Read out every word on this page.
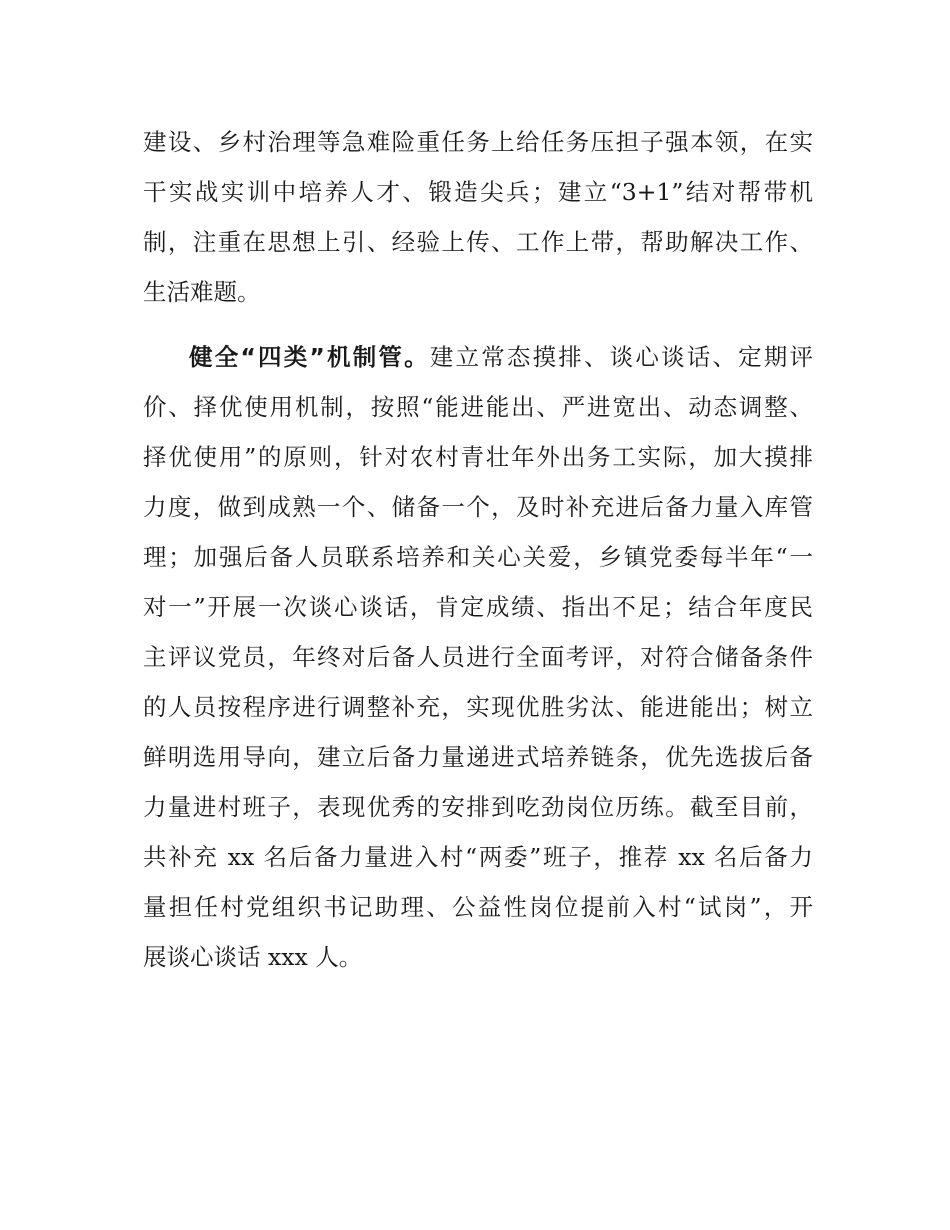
建设、乡村治理等急难险重任务上给任务压担子强本领，在实
干实战实训中培养人才、锻造尖兵；建立“3+1”结对帮带机
制，注重在思想上引、经验上传、工作上带，帮助解决工作、
生活难题。
健全“四类”机制管。建立常态摸排、谈心谈话、定期评
价、择优使用机制，按照“能进能出、严进宽出、动态调整、
择优使用”的原则，针对农村青壮年外出务工实际，加大摸排
力度，做到成熟一个、储备一个，及时补充进后备力量入库管
理；加强后备人员联系培养和关心关爱，乡镇党委每半年“一
对一”开展一次谈心谈话，肯定成绩、指出不足；结合年度民
主评议党员，年终对后备人员进行全面考评，对符合储备条件
的人员按程序进行调整补充，实现优胜劣汰、能进能出；树立
鲜明选用导向，建立后备力量递进式培养链条，优先选拔后备
力量进村班子，表现优秀的安排到吃劲岗位历练。截至目前，
共补充 xx 名后备力量进入村“两委”班子，推荐 xx 名后备力
量担任村党组织书记助理、公益性岗位提前入村“试岗”，开
展谈心谈话 xxx 人。
